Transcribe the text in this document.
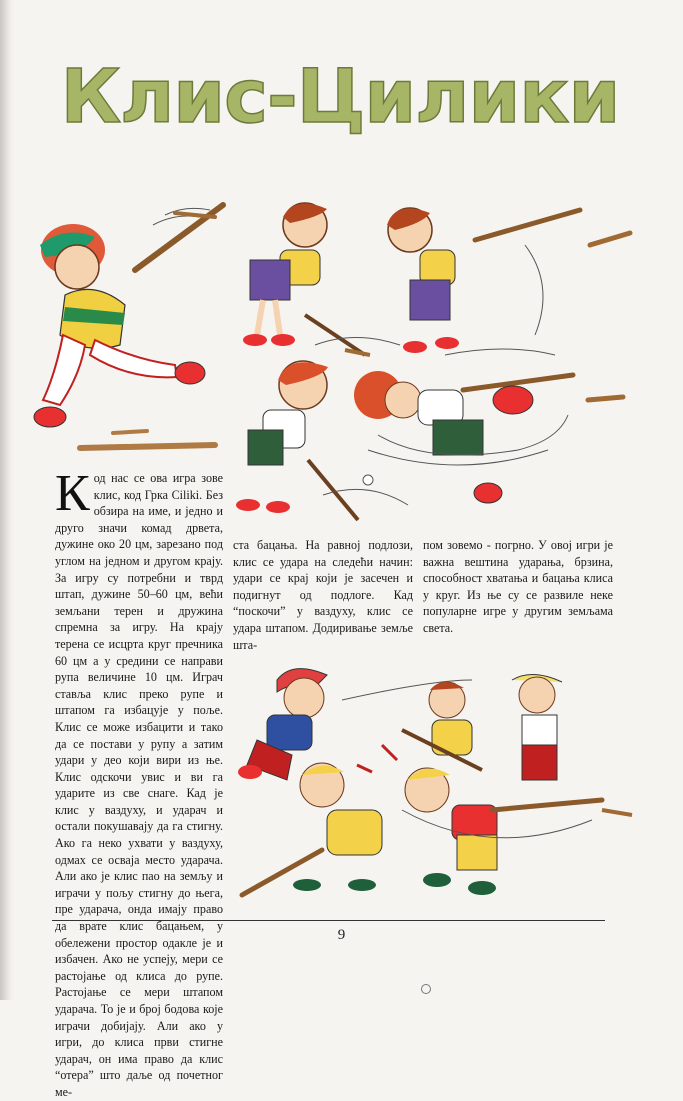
Клис-Цилики

Код нас се ова игра зове клис, код Грка Ciliki. Без обзира на име, и једно и друго значи комад дрвета, дужине око 20 цм, зарезано под углом на једном и другом крају. За игру су потребни и тврд штап, дужине 50–60 цм, већи земљани терен и дружина спремна за игру. На крају терена се исцрта круг пречника 60 цм а у средини се направи рупа величине 10 цм. Играч ставља клис преко рупе и штапом га избацује у поље. Клис се може избацити и тако да се постави у рупу а затим удари у део који вири из ње. Клис одскочи увис и ви га ударите из све снаге. Кад је клис у ваздуху, и ударач и остали покушавају да га стигну. Ако га неко ухвати у ваздуху, одмах се осваја место ударача. Али ако је клис пао на земљу и играчи у пољу стигну до њега, пре ударача, онда имају право да врате клис бацањем, у обележени простор одакле је и избачен. Ако не успеју, мери се растојање од клиса до рупе. Растојање се мери штапом ударача. То је и број бодова које играчи добијају. Али ако у игри, до клиса први стигне ударач, он има право да клис “отера” што даље од почетног ме-

ста бацања. На равној подлози, клис се удара на следећи начин: удари се крај који је засечен и подигнут од подлоге. Кад “поскочи” у ваздуху, клис се удара штапом. Додиривање земље шта-

пом зовемо - погрно. У овој игри је важна вештина ударања, брзина, способност хватања и бацања клиса у круг. Из ње су се развиле неке популарне игре у другим земљама света.

9
